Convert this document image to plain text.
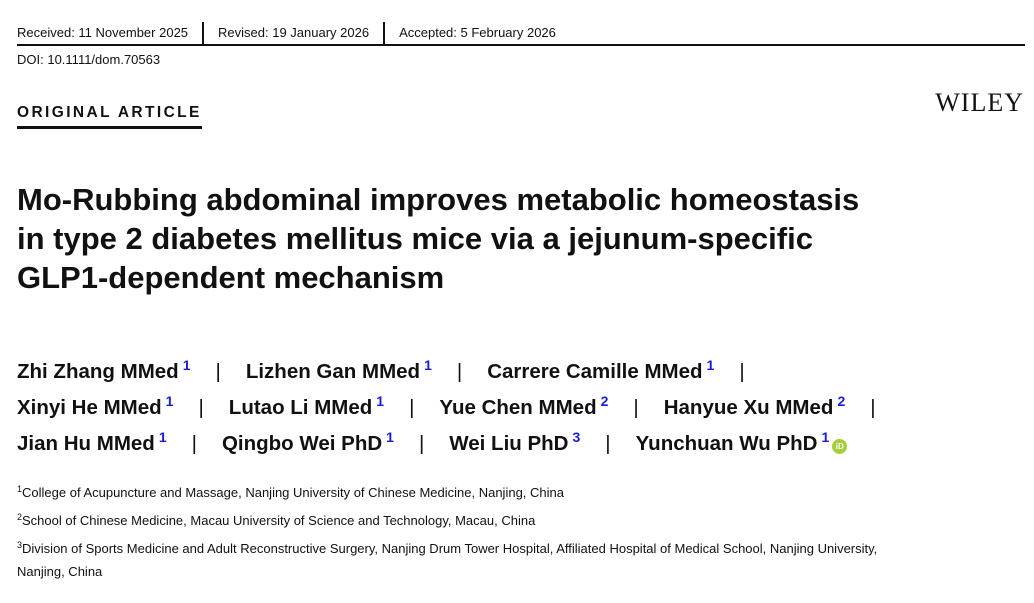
Received: 11 November 2025 Revised: 19 January 2026 Accepted: 5 February 2026
DOI: 10.1111/dom.70563
ORIGINAL ARTICLE	WILEY
Mo-Rubbing abdominal improves metabolic homeostasis
in type 2 diabetes mellitus mice via a jejunum-specific
GLP1-dependent mechanism
Zhi Zhang MMed $^1$ | Lizhen Gan MMed $^1$ | Carrere Camille MMed $^1$ |
Xinyi He MMed $^1$ | Lutao Li MMed $^1$ | Yue Chen MMed $^2$ | Hanyue Xu MMed $^2$ |
Jian Hu MMed $^1$ | Qingbo Wei PhD $^1$ | Wei Liu PhD $^3$ | Yunchuan Wu PhD $^1$
iD
$^1$College of Acupuncture and Massage, Nanjing University of Chinese Medicine, Nanjing, China
$^2$School of Chinese Medicine, Macau University of Science and Technology, Macau, China
$^3$Division of Sports Medicine and Adult Reconstructive Surgery, Nanjing Drum Tower Hospital, Affiliated Hospital of Medical School, Nanjing University,
Nanjing, China
